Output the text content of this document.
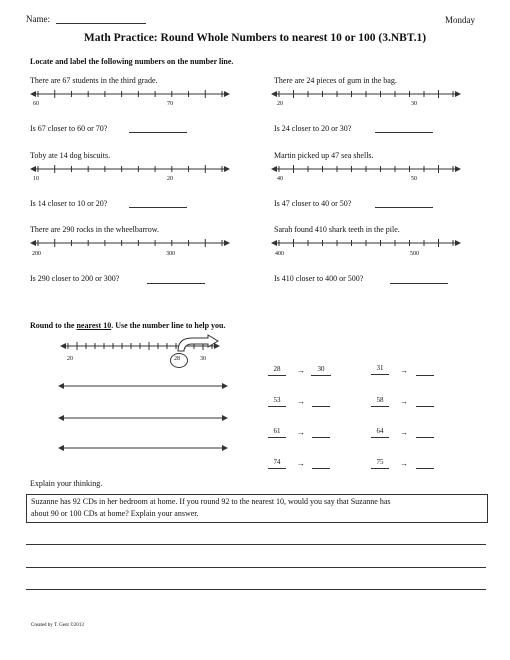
Name:	Monday
Math Practice: Round Whole Numbers to nearest 10 or 100 (3.NBT.1)
Locate and label the following numbers on the number line.
There are 67 students in the third grade.
60	70
Is 67 closer to 60 or 70?
There are 24 pieces of gum in the bag.
20	30
Is 24 closer to 20 or 30?
Toby ate 14 dog biscuits.
10	20
Is 14 closer to 10 or 20?
Martin picked up 47 sea shells.
40	50
Is 47 closer to 40 or 50?
There are 290 rocks in the wheelbarrow.
200	300
Is 290 closer to 200 or 300?
Sarah found 410 shark teeth in the pile.
400	500
Is 410 closer to 400 or 500?
Round to the nearest 10. Use the number line to help you.
20	28	30
28	→	30
53	→
61	→
74	→
31	→
58	→
64	→
75	→
Explain your thinking.
Suzanne has 92 CDs in her bedroom at home. If you round 92 to the nearest 10, would you say that Suzanne has
about 90 or 100 CDs at home? Explain your answer.
Created by T. Gent ©2013
